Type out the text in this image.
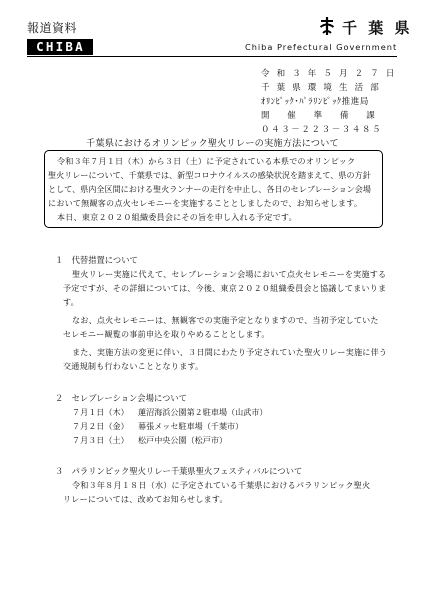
報道資料
CHIBA
千 葉 県
Chiba Prefectural Government
令 和 ３ 年 ５ 月 ２ ７ 日
千 葉 県 環 境 生 活 部
ｵﾘﾝﾋﾟｯｸ･ﾊﾟﾗﾘﾝﾋﾟｯｸ推進局
開　 催 　準 　備 　課
０４３－２２３－３４８５
千葉県におけるオリンピック聖火リレーの実施方法について
令和３年７月１日（木）から３日（土）に予定されている本県でのオリンピック
聖火リレーについて、千葉県では、新型コロナウイルスの感染状況を踏まえて、県の方針
として、県内全区間における聖火ランナーの走行を中止し、各日のセレブレーション会場
において無観客の点火セレモニーを実施することとしましたので、お知らせします。
本日、東京２０２０組織委員会にその旨を申し入れる予定です。
１　代替措置について
聖火リレー実施に代えて、セレブレーション会場において点火セレモニーを実施する
予定ですが、その詳細については、今後、東京２０２０組織委員会と協議してまいりま
す。
なお、点火セレモニーは、無観客での実施予定となりますので、当初予定していた
セレモニー観覧の事前申込を取りやめることとします。
また、実施方法の変更に伴い、３日間にわたり予定されていた聖火リレー実施に伴う
交通規制も行わないこととなります。
２　セレブレーション会場について
７月１日（木） 蓮沼海浜公園第２駐車場（山武市）
７月２日（金） 幕張メッセ駐車場（千葉市）
７月３日（土） 松戸中央公園（松戸市）
３　パラリンピック聖火リレー千葉県聖火フェスティバルについて
令和３年８月１８日（水）に予定されている千葉県におけるパラリンピック聖火
リレーについては、改めてお知らせします。
